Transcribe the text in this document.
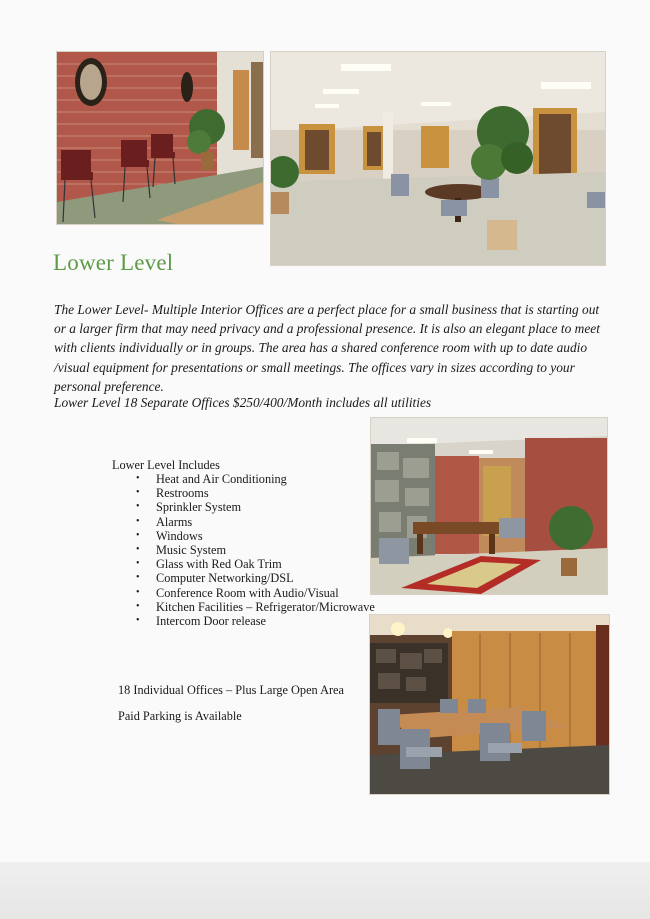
Lower Level

The Lower Level- Multiple Interior Offices are a perfect place for a small business that is starting out or a larger firm that may need privacy and a professional presence. It is also an elegant place to meet with clients individually or in groups. The area has a shared conference room with up to date audio /visual equipment for presentations or small meetings. The offices vary in sizes according to your personal preference.

Lower Level 18 Separate Offices $250/400/Month includes all utilities

Lower Level Includes

• Heat and Air Conditioning
• Restrooms
• Sprinkler System
• Alarms
• Windows
• Music System
• Glass with Red Oak Trim
• Computer Networking/DSL
• Conference Room with Audio/Visual
• Kitchen Facilities – Refrigerator/Microwave
• Intercom Door release

18 Individual Offices – Plus Large Open Area

Paid Parking is Available
